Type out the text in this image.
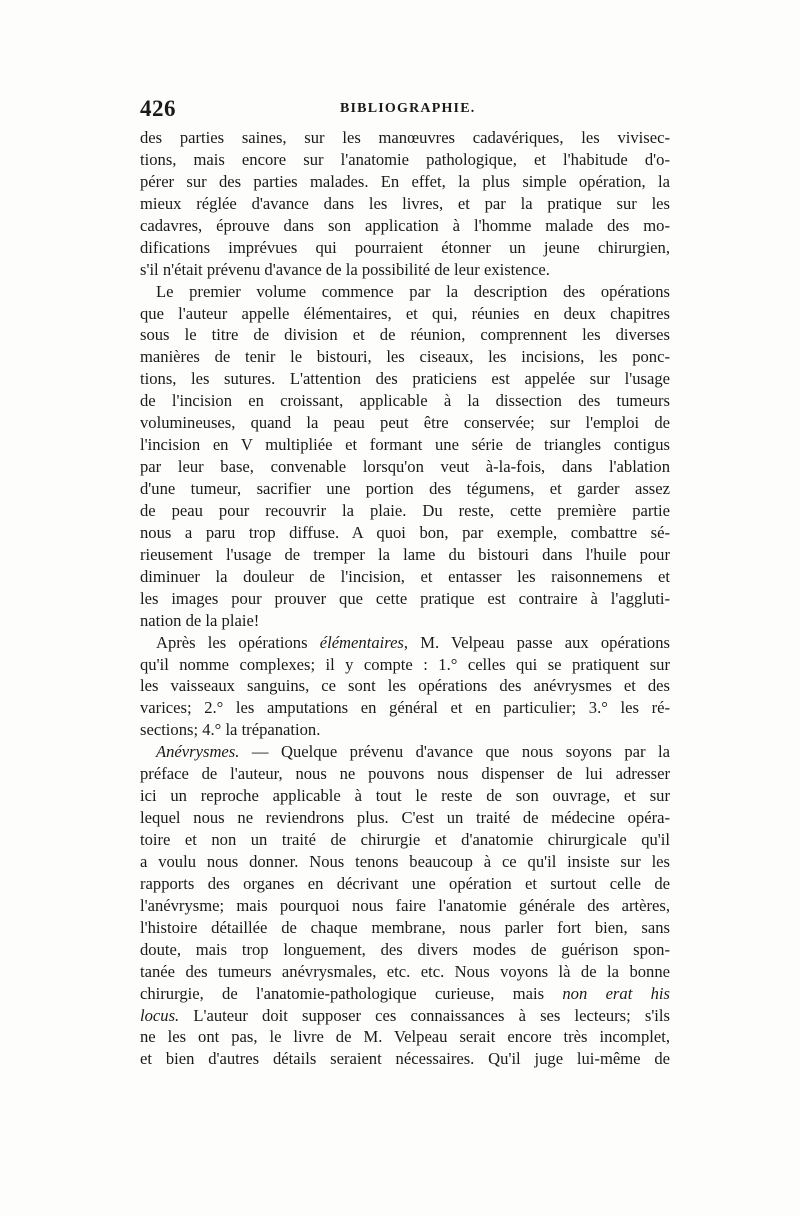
426	BIBLIOGRAPHIE.
des parties saines, sur les manœuvres cadavériques, les vivisec-
tions, mais encore sur l'anatomie pathologique, et l'habitude d'o-
pérer sur des parties malades. En effet, la plus simple opération, la
mieux réglée d'avance dans les livres, et par la pratique sur les
cadavres, éprouve dans son application à l'homme malade des mo-
difications imprévues qui pourraient étonner un jeune chirurgien,
s'il n'était prévenu d'avance de la possibilité de leur existence.
Le premier volume commence par la description des opérations
que l'auteur appelle élémentaires, et qui, réunies en deux chapitres
sous le titre de division et de réunion, comprennent les diverses
manières de tenir le bistouri, les ciseaux, les incisions, les ponc-
tions, les sutures. L'attention des praticiens est appelée sur l'usage
de l'incision en croissant, applicable à la dissection des tumeurs
volumineuses, quand la peau peut être conservée; sur l'emploi de
l'incision en V multipliée et formant une série de triangles contigus
par leur base, convenable lorsqu'on veut à-la-fois, dans l'ablation
d'une tumeur, sacrifier une portion des tégumens, et garder assez
de peau pour recouvrir la plaie. Du reste, cette première partie
nous a paru trop diffuse. A quoi bon, par exemple, combattre sé-
rieusement l'usage de tremper la lame du bistouri dans l'huile pour
diminuer la douleur de l'incision, et entasser les raisonnemens et
les images pour prouver que cette pratique est contraire à l'aggluti-
nation de la plaie!
Après les opérations élémentaires, M. Velpeau passe aux opérations
qu'il nomme complexes; il y compte : 1.° celles qui se pratiquent sur
les vaisseaux sanguins, ce sont les opérations des anévrysmes et des
varices; 2.° les amputations en général et en particulier; 3.° les ré-
sections; 4.° la trépanation.
Anévrysmes. — Quelque prévenu d'avance que nous soyons par la
préface de l'auteur, nous ne pouvons nous dispenser de lui adresser
ici un reproche applicable à tout le reste de son ouvrage, et sur
lequel nous ne reviendrons plus. C'est un traité de médecine opéra-
toire et non un traité de chirurgie et d'anatomie chirurgicale qu'il
a voulu nous donner. Nous tenons beaucoup à ce qu'il insiste sur les
rapports des organes en décrivant une opération et surtout celle de
l'anévrysme; mais pourquoi nous faire l'anatomie générale des artères,
l'histoire détaillée de chaque membrane, nous parler fort bien, sans
doute, mais trop longuement, des divers modes de guérison spon-
tanée des tumeurs anévrysmales, etc. etc. Nous voyons là de la bonne
chirurgie, de l'anatomie-pathologique curieuse, mais non erat his
locus. L'auteur doit supposer ces connaissances à ses lecteurs; s'ils
ne les ont pas, le livre de M. Velpeau serait encore très incomplet,
et bien d'autres détails seraient nécessaires. Qu'il juge lui-même de
